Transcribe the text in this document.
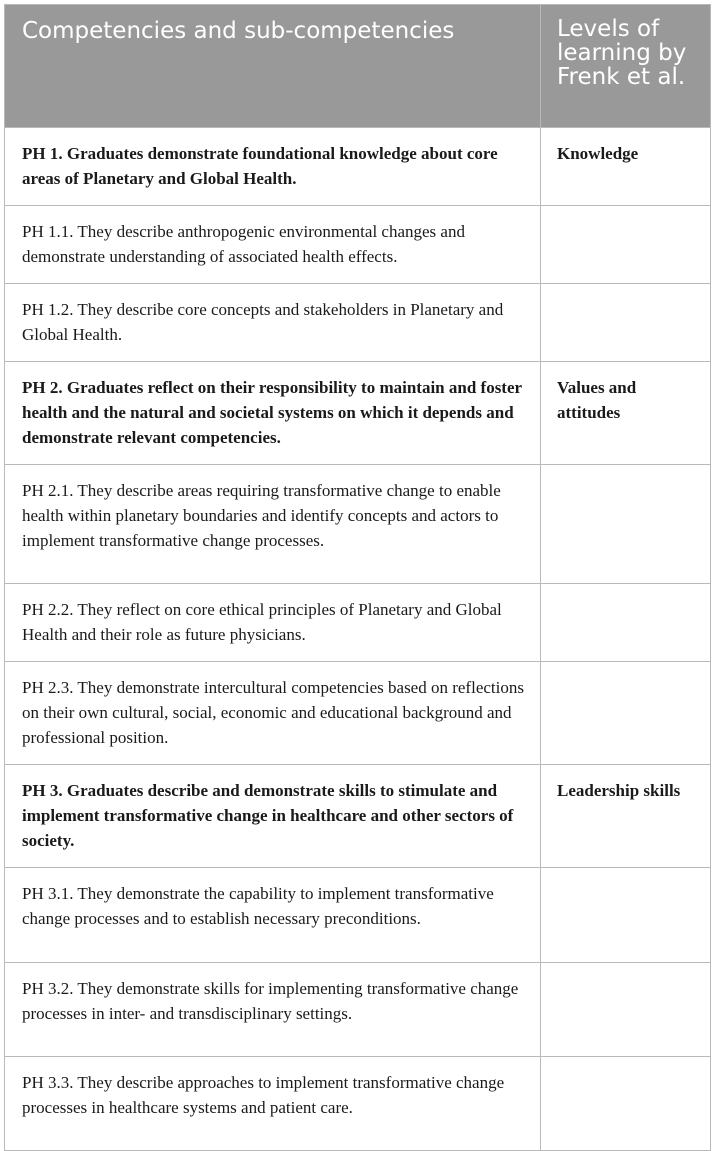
Competencies and sub-competencies	Levels of learning by Frenk et al.

PH 1. Graduates demonstrate foundational knowledge about core areas of Planetary and Global Health.	Knowledge

PH 1.1. They describe anthropogenic environmental changes and demonstrate understanding of associated health effects.	

PH 1.2. They describe core concepts and stakeholders in Planetary and Global Health.	

PH 2. Graduates reflect on their responsibility to maintain and foster health and the natural and societal systems on which it depends and demonstrate relevant competencies.	Values and attitudes

PH 2.1. They describe areas requiring transformative change to enable health within planetary boundaries and identify concepts and actors to implement transformative change processes.	

PH 2.2. They reflect on core ethical principles of Planetary and Global Health and their role as future physicians.	

PH 2.3. They demonstrate intercultural competencies based on reflections on their own cultural, social, economic and educational background and professional position.	

PH 3. Graduates describe and demonstrate skills to stimulate and implement transformative change in healthcare and other sectors of society.	Leadership skills

PH 3.1. They demonstrate the capability to implement transformative change processes and to establish necessary preconditions.	

PH 3.2. They demonstrate skills for implementing transformative change processes in inter- and transdisciplinary settings.	

PH 3.3. They describe approaches to implement transformative change processes in healthcare systems and patient care.	
